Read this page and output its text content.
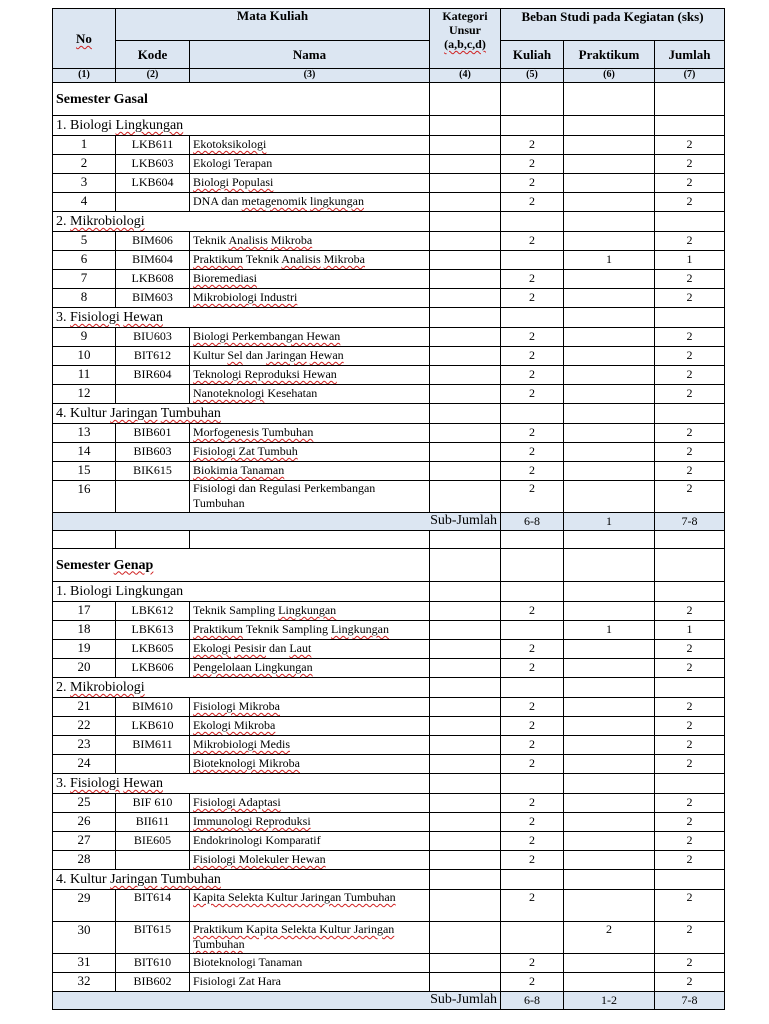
No	Mata Kuliah		Kategori Unsur (a,b,c,d)	Beban Studi pada Kegiatan (sks)		
	Kode	Nama		Kuliah	Praktikum	Jumlah
(1)	(2)	(3)	(4)	(5)	(6)	(7)
Semester Gasal						
1. Biologi Lingkungan						
1	LKB611	Ekotoksikologi		2		2
2	LKB603	Ekologi Terapan		2		2
3	LKB604	Biologi Populasi		2		2
4		DNA dan metagenomik lingkungan		2		2
2. Mikrobiologi						
5	BIM606	Teknik Analisis Mikroba		2		2
6	BIM604	Praktikum Teknik Analisis Mikroba			1	1
7	LKB608	Bioremediasi		2		2
8	BIM603	Mikrobiologi Industri		2		2
3. Fisiologi Hewan						
9	BIU603	Biologi Perkembangan Hewan		2		2
10	BIT612	Kultur Sel dan Jaringan Hewan		2		2
11	BIR604	Teknologi Reproduksi Hewan		2		2
12		Nanoteknologi Kesehatan		2		2
4. Kultur Jaringan Tumbuhan						
13	BIB601	Morfogenesis Tumbuhan		2		2
14	BIB603	Fisiologi Zat Tumbuh		2		2
15	BIK615	Biokimia Tanaman		2		2
16		Fisiologi dan Regulasi Perkembangan Tumbuhan		2		2
Sub-Jumlah				6-8	1	7-8

Semester Genap						
1. Biologi Lingkungan						
17	LBK612	Teknik Sampling Lingkungan		2		2
18	LBK613	Praktikum Teknik Sampling Lingkungan			1	1
19	LKB605	Ekologi Pesisir dan Laut		2		2
20	LKB606	Pengelolaan Lingkungan		2		2
2. Mikrobiologi						
21	BIM610	Fisiologi Mikroba		2		2
22	LKB610	Ekologi Mikroba		2		2
23	BIM611	Mikrobiologi Medis		2		2
24		Bioteknologi Mikroba		2		2
3. Fisiologi Hewan						
25	BIF 610	Fisiologi Adaptasi		2		2
26	BII611	Immunologi Reproduksi		2		2
27	BIE605	Endokrinologi Komparatif		2		2
28		Fisiologi Molekuler Hewan		2		2
4. Kultur Jaringan Tumbuhan						
29	BIT614	Kapita Selekta Kultur Jaringan Tumbuhan		2		2
30	BIT615	Praktikum Kapita Selekta Kultur Jaringan Tumbuhan			2	2
31	BIT610	Bioteknologi Tanaman		2		2
32	BIB602	Fisiologi Zat Hara		2		2
Sub-Jumlah				6-8	1-2	7-8
